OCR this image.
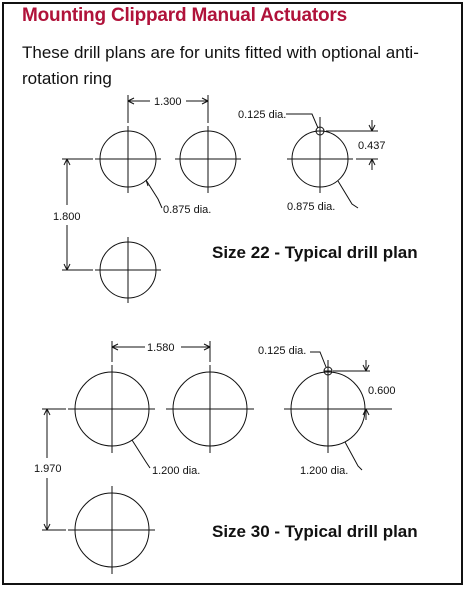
Mounting Clippard Manual Actuators
These drill plans are for units fitted with optional anti-rotation ring
1.300
1.800
0.875 dia.	0.875 dia.
0.125 dia.
0.437
Size 22 - Typical drill plan
1.580
1.970	1.200 dia.	1.200 dia.
0.125 dia.
0.600
Size 30 - Typical drill plan
